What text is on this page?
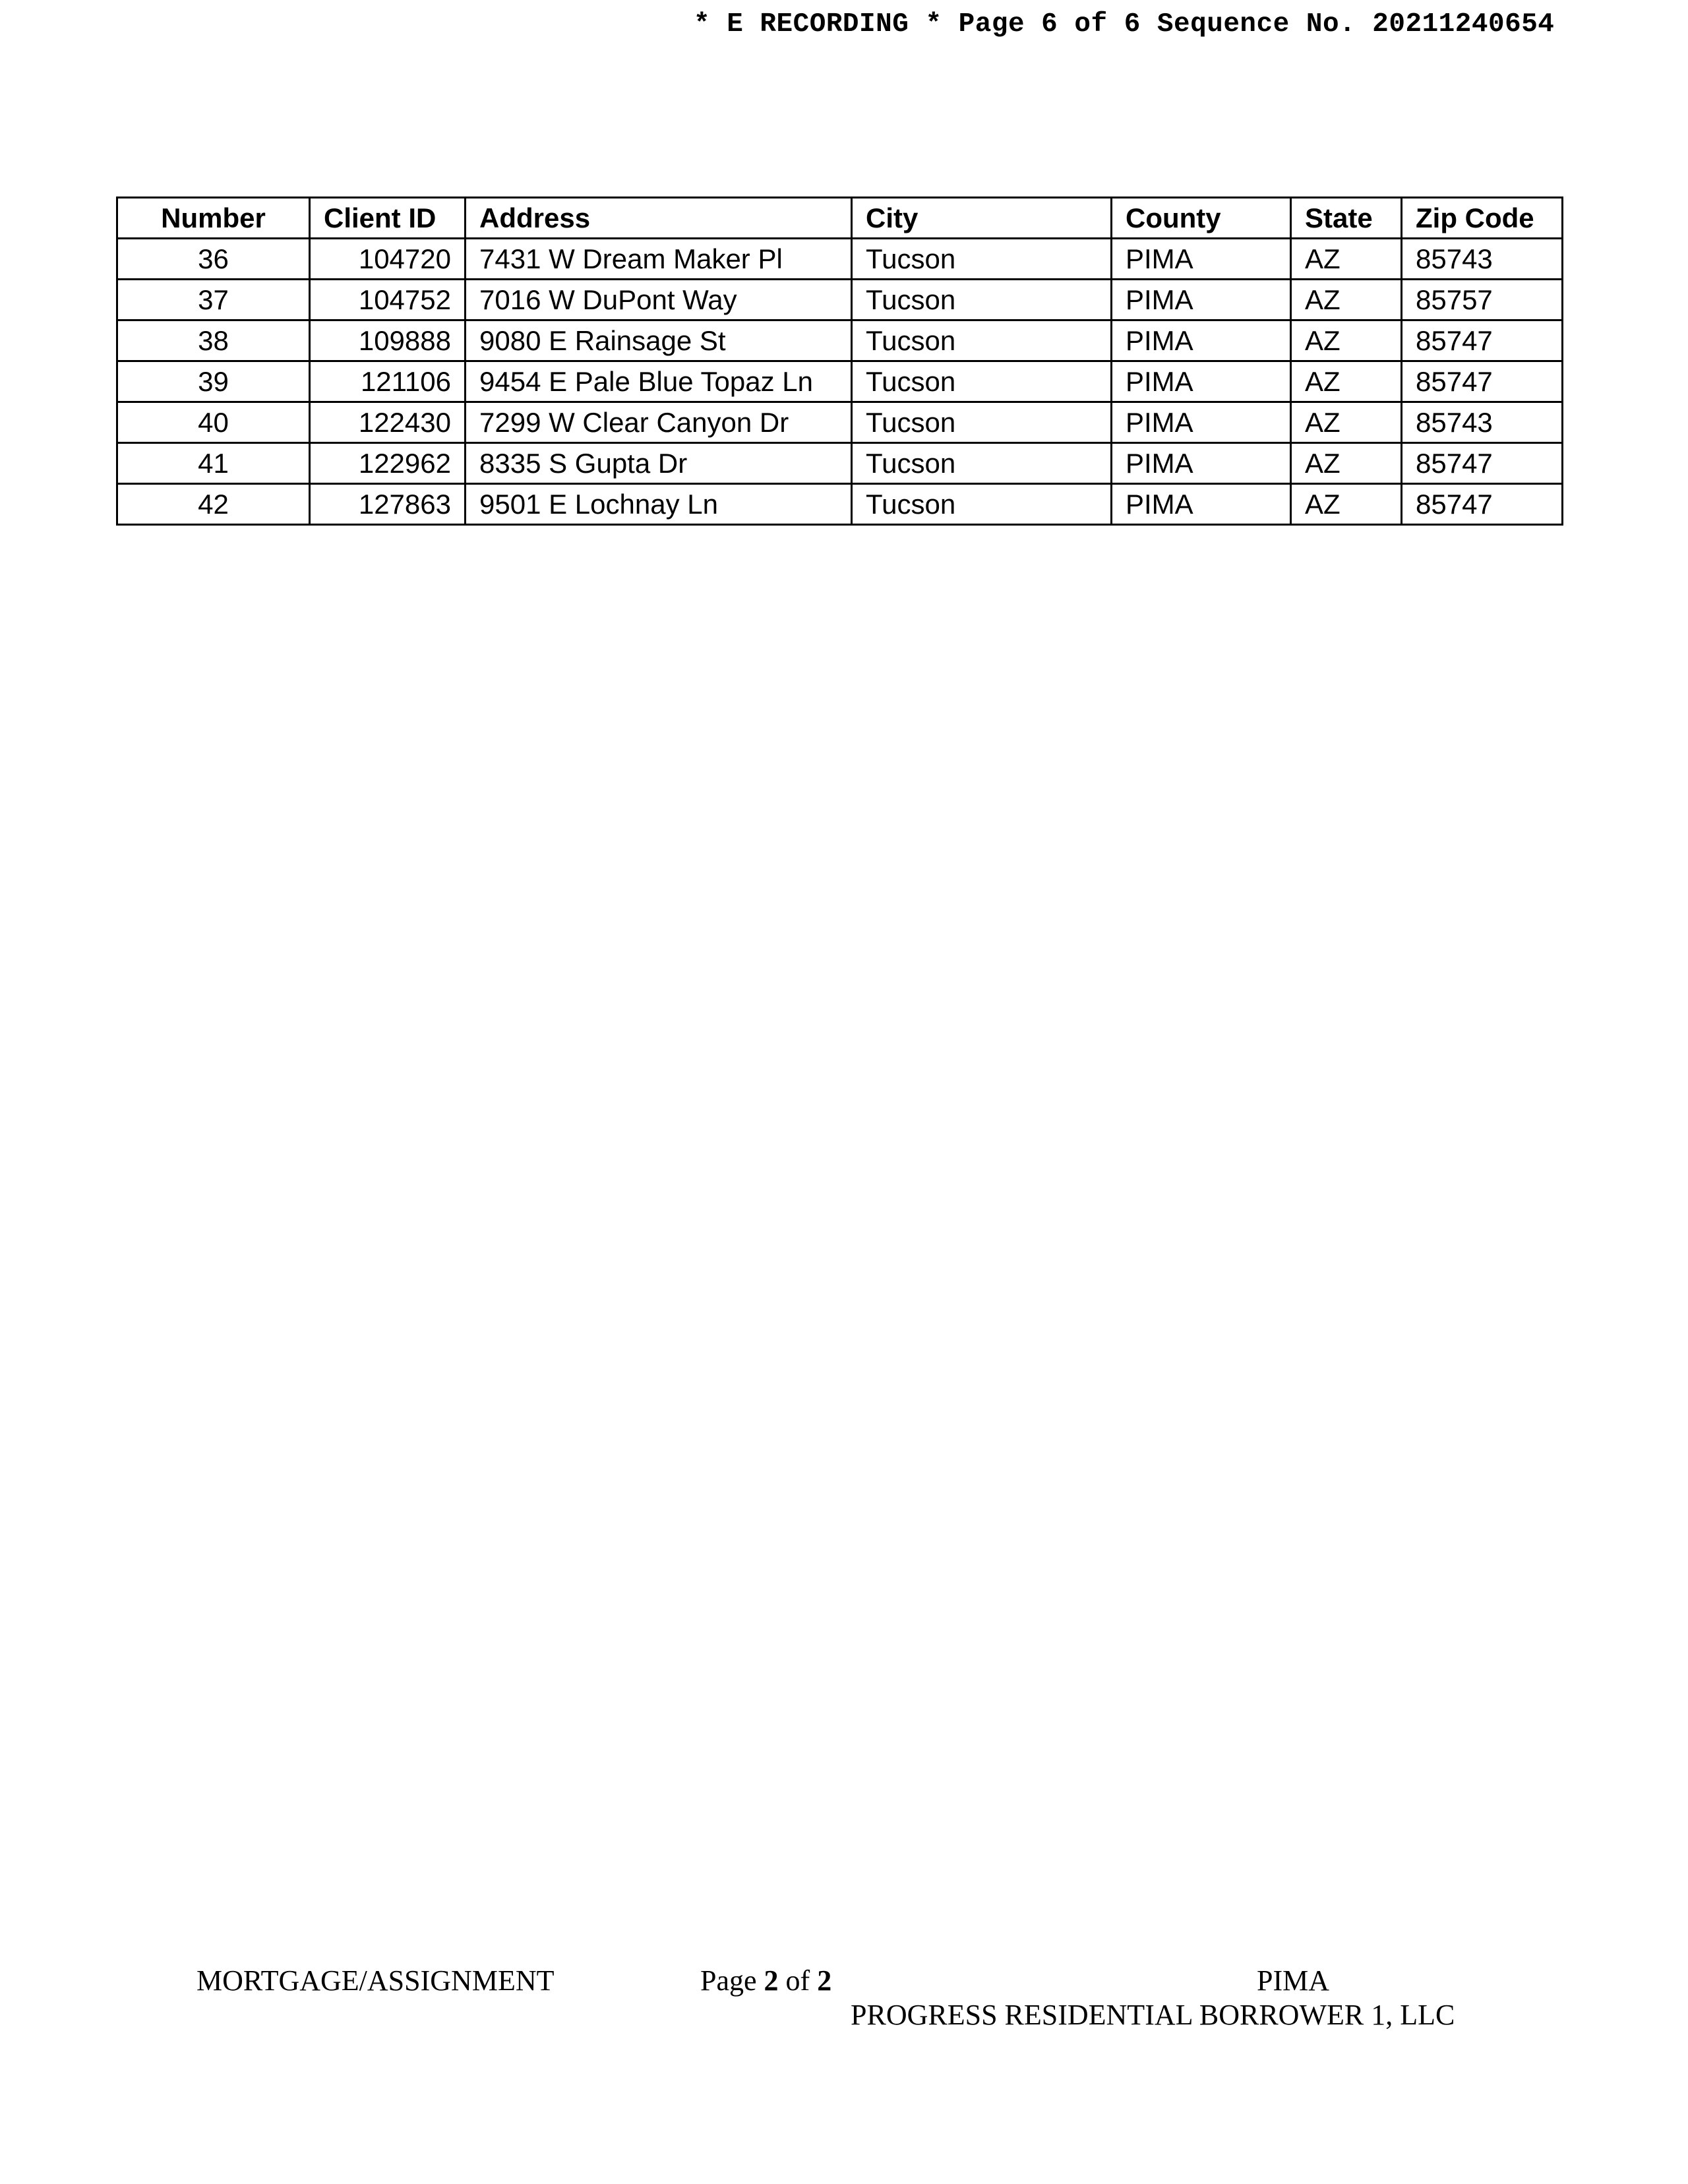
* E RECORDING * Page 6 of 6 Sequence No. 20211240654
Number	Client ID	Address	City	County	State	Zip Code
36	104720	7431 W Dream Maker Pl	Tucson	PIMA	AZ	85743
37	104752	7016 W DuPont Way	Tucson	PIMA	AZ	85757
38	109888	9080 E Rainsage St	Tucson	PIMA	AZ	85747
39	121106	9454 E Pale Blue Topaz Ln	Tucson	PIMA	AZ	85747
40	122430	7299 W Clear Canyon Dr	Tucson	PIMA	AZ	85743
41	122962	8335 S Gupta Dr	Tucson	PIMA	AZ	85747
42	127863	9501 E Lochnay Ln	Tucson	PIMA	AZ	85747
MORTGAGE/ASSIGNMENT	Page 2 of 2	PIMA
PROGRESS RESIDENTIAL BORROWER 1, LLC
